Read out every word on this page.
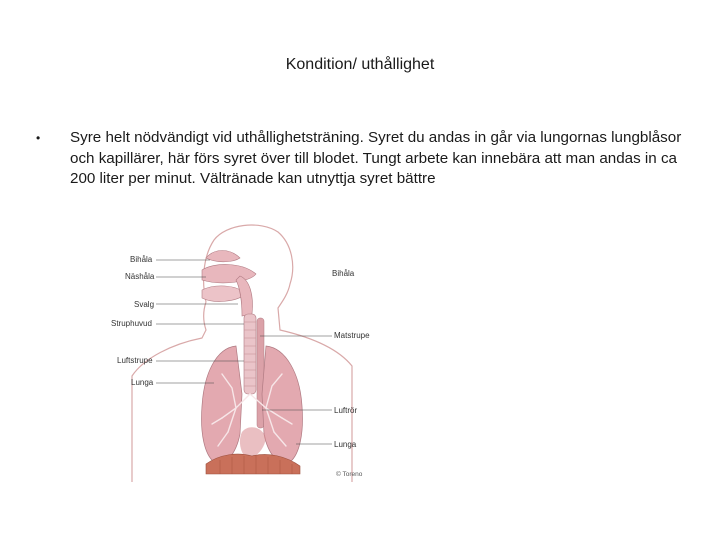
Kondition/ uthållighet
•	Syre helt nödvändigt vid uthållighetsträning. Syret du andas in går via lungornas lungblåsor och kapillärer, här förs syret över till blodet. Tungt arbete kan innebära att man andas in ca 200 liter per minut. Vältränade kan utnyttja syret bättre
Bihåla
Näshåla
Svalg
Struphuvud
Luftstrupe
Lunga
Bihåla
Matstrupe
Luftrör
Lunga
© Toreno
